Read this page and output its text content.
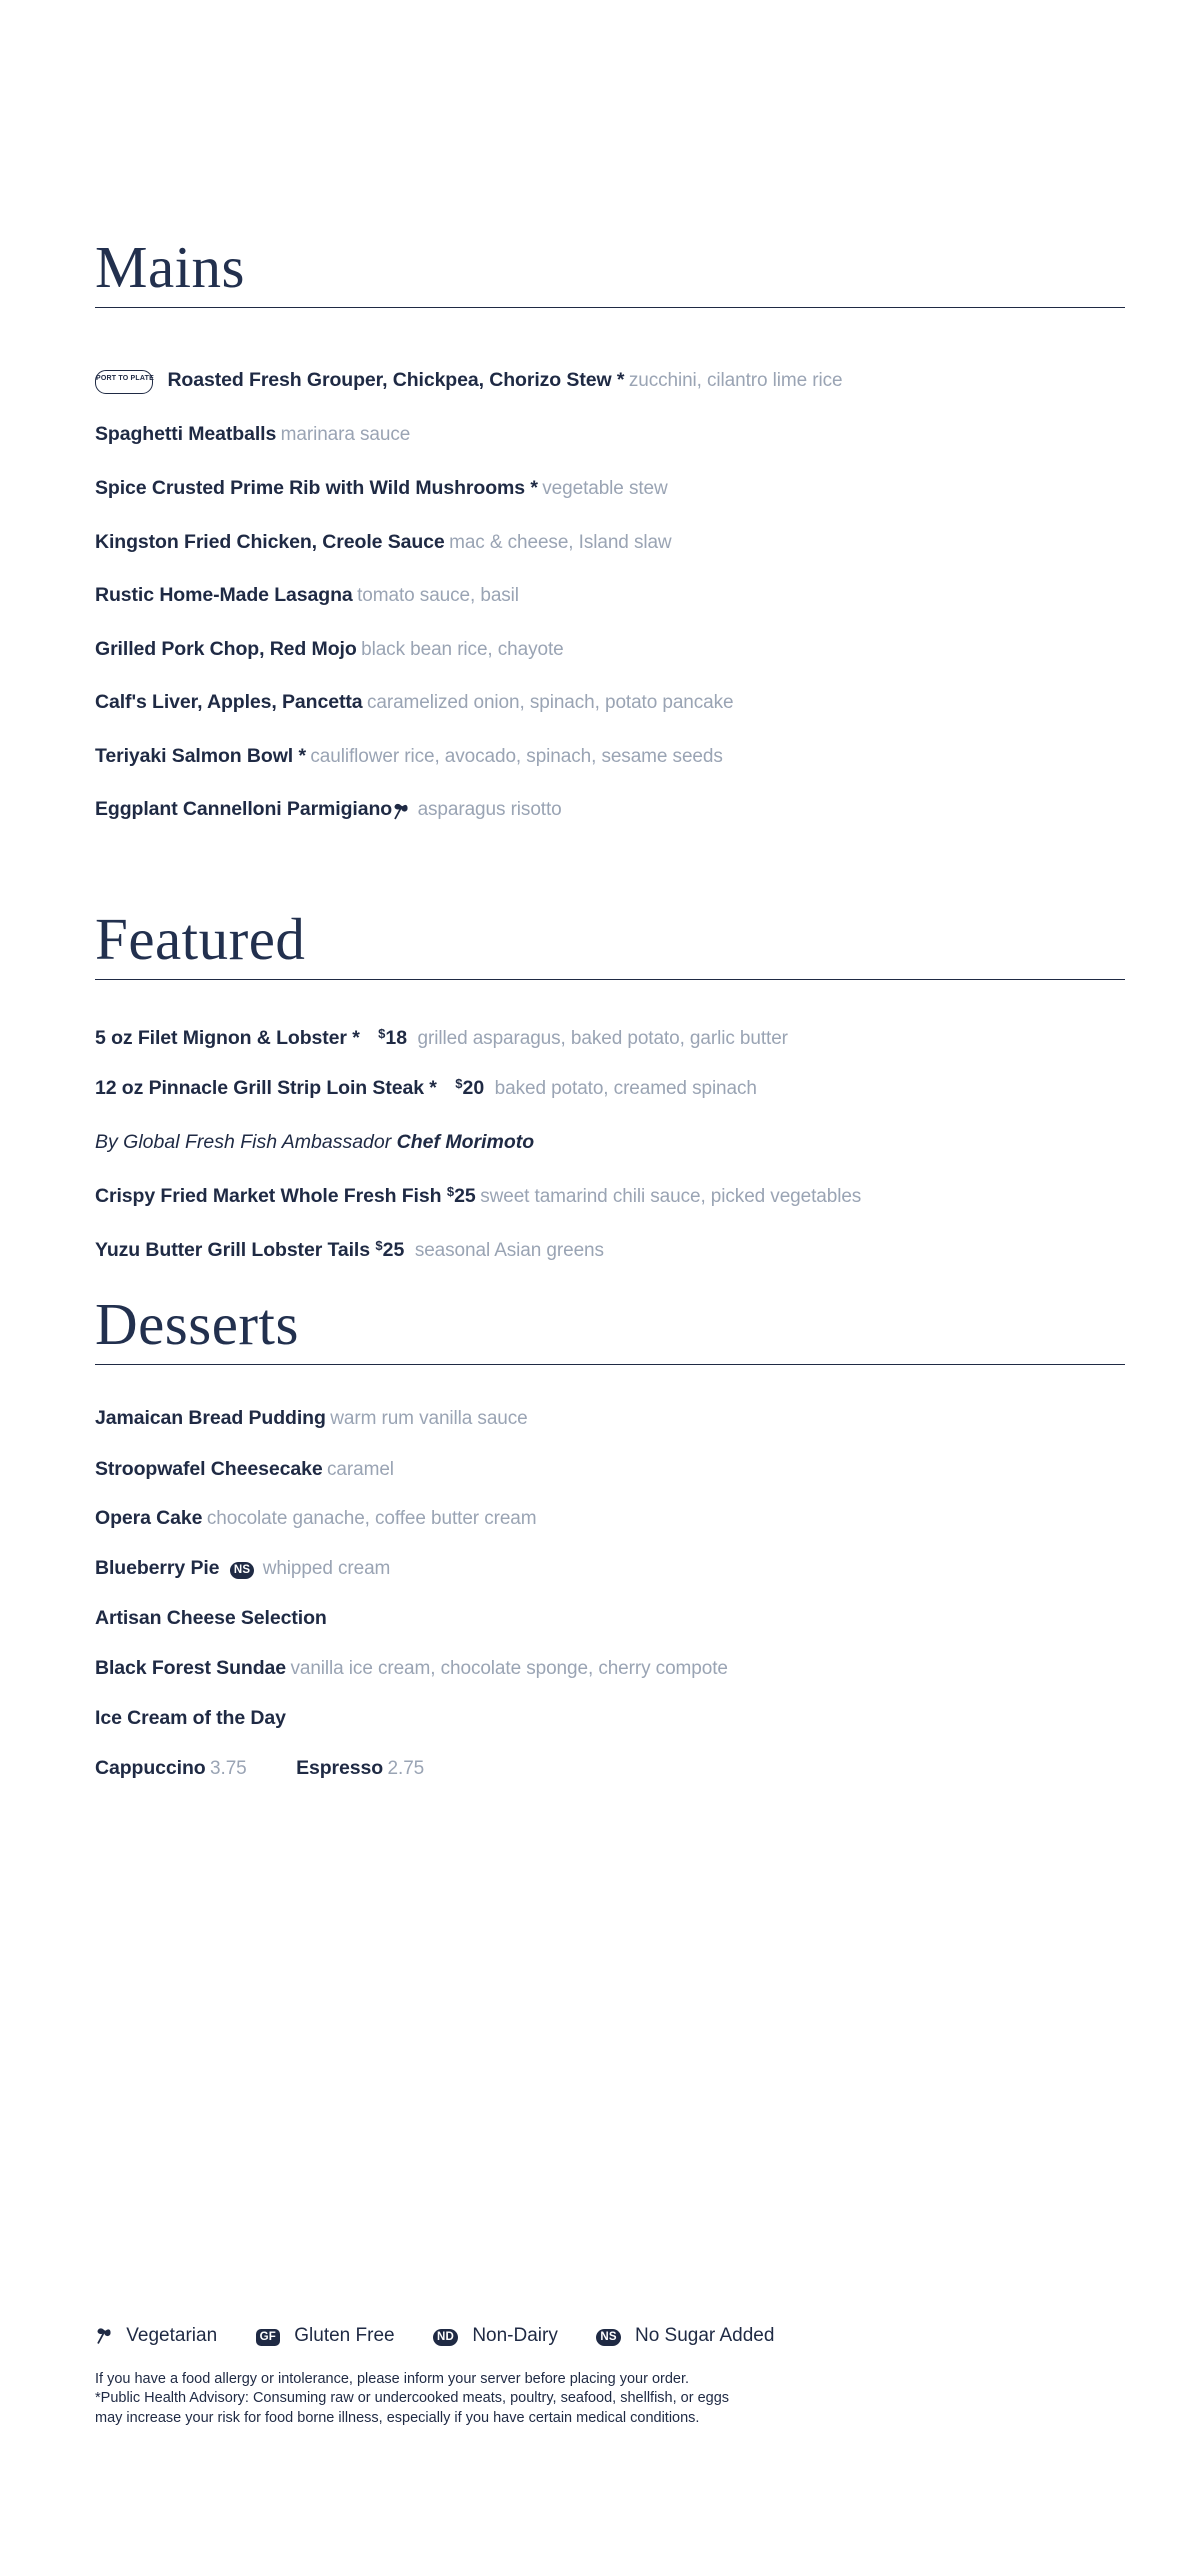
Mains
PORT TO PLATE Roasted Fresh Grouper, Chickpea, Chorizo Stew * zucchini, cilantro lime rice
Spaghetti Meatballs marinara sauce
Spice Crusted Prime Rib with Wild Mushrooms * vegetable stew
Kingston Fried Chicken, Creole Sauce mac & cheese, Island slaw
Rustic Home-Made Lasagna tomato sauce, basil
Grilled Pork Chop, Red Mojo black bean rice, chayote
Calf's Liver, Apples, Pancetta caramelized onion, spinach, potato pancake
Teriyaki Salmon Bowl * cauliflower rice, avocado, spinach, sesame seeds
Eggplant Cannelloni Parmigiano asparagus risotto
Featured
5 oz Filet Mignon & Lobster * $18 grilled asparagus, baked potato, garlic butter
12 oz Pinnacle Grill Strip Loin Steak * $20 baked potato, creamed spinach
By Global Fresh Fish Ambassador Chef Morimoto
Crispy Fried Market Whole Fresh Fish $25 sweet tamarind chili sauce, picked vegetables
Yuzu Butter Grill Lobster Tails $25 seasonal Asian greens
Desserts
Jamaican Bread Pudding warm rum vanilla sauce
Stroopwafel Cheesecake caramel
Opera Cake chocolate ganache, coffee butter cream
Blueberry Pie NS whipped cream
Artisan Cheese Selection
Black Forest Sundae vanilla ice cream, chocolate sponge, cherry compote
Ice Cream of the Day
Cappuccino 3.75	Espresso 2.75
Vegetarian	GF Gluten Free	ND Non-Dairy	NS No Sugar Added
If you have a food allergy or intolerance, please inform your server before placing your order.
*Public Health Advisory: Consuming raw or undercooked meats, poultry, seafood, shellfish, or eggs
may increase your risk for food borne illness, especially if you have certain medical conditions.
